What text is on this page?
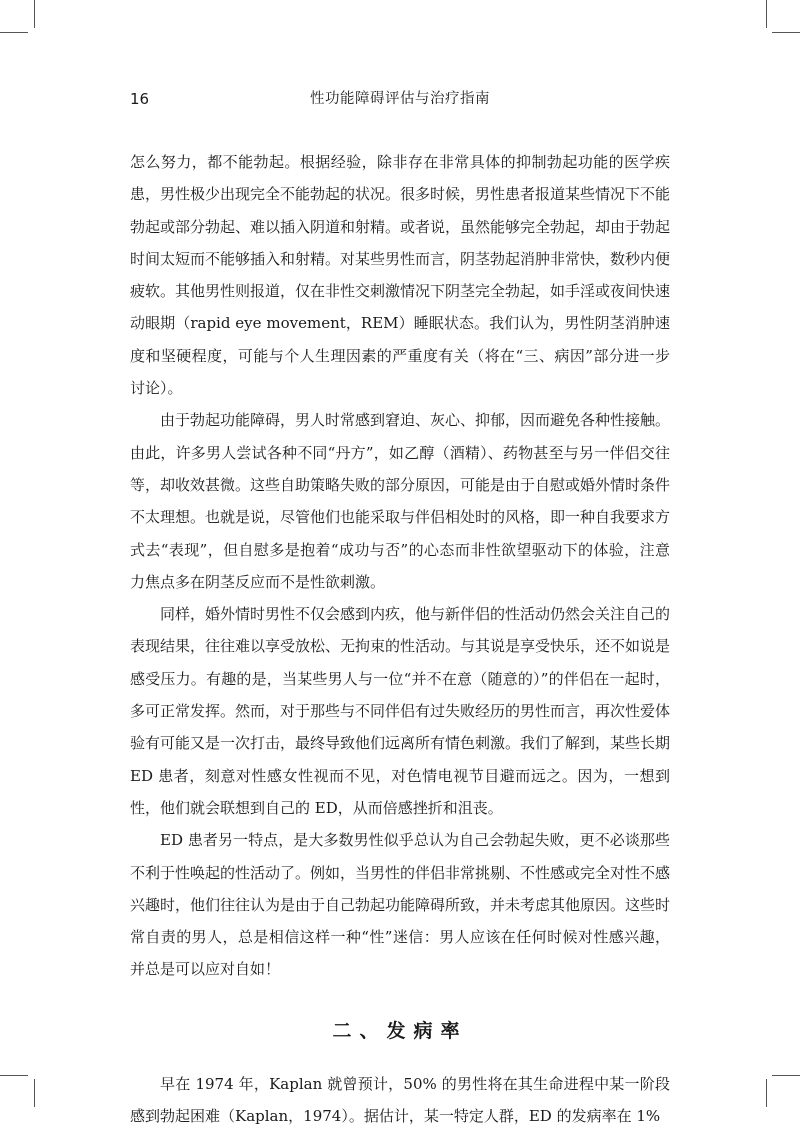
16	性功能障碍评估与治疗指南

怎么努力，都不能勃起。根据经验，除非存在非常具体的抑制勃起功能的医学疾患，男性极少出现完全不能勃起的状况。很多时候，男性患者报道某些情况下不能勃起或部分勃起、难以插入阴道和射精。或者说，虽然能够完全勃起，却由于勃起时间太短而不能够插入和射精。对某些男性而言，阴茎勃起消肿非常快，数秒内便疲软。其他男性则报道，仅在非性交刺激情况下阴茎完全勃起，如手淫或夜间快速动眼期（rapid eye movement，REM）睡眠状态。我们认为，男性阴茎消肿速度和坚硬程度，可能与个人生理因素的严重度有关（将在“三、病因”部分进一步讨论）。

由于勃起功能障碍，男人时常感到窘迫、灰心、抑郁，因而避免各种性接触。由此，许多男人尝试各种不同“丹方”，如乙醇（酒精）、药物甚至与另一伴侣交往等，却收效甚微。这些自助策略失败的部分原因，可能是由于自慰或婚外情时条件不太理想。也就是说，尽管他们也能采取与伴侣相处时的风格，即一种自我要求方式去“表现”，但自慰多是抱着“成功与否”的心态而非性欲望驱动下的体验，注意力焦点多在阴茎反应而不是性欲刺激。

同样，婚外情时男性不仅会感到内疚，他与新伴侣的性活动仍然会关注自己的表现结果，往往难以享受放松、无拘束的性活动。与其说是享受快乐，还不如说是感受压力。有趣的是，当某些男人与一位“并不在意（随意的）”的伴侣在一起时，多可正常发挥。然而，对于那些与不同伴侣有过失败经历的男性而言，再次性爱体验有可能又是一次打击，最终导致他们远离所有情色刺激。我们了解到，某些长期 ED 患者，刻意对性感女性视而不见，对色情电视节目避而远之。因为，一想到性，他们就会联想到自己的 ED，从而倍感挫折和沮丧。

ED 患者另一特点，是大多数男性似乎总认为自己会勃起失败，更不必谈那些不利于性唤起的性活动了。例如，当男性的伴侣非常挑剔、不性感或完全对性不感兴趣时，他们往往认为是由于自己勃起功能障碍所致，并未考虑其他原因。这些时常自责的男人，总是相信这样一种“性”迷信：男人应该在任何时候对性感兴趣，并总是可以应对自如！

二、发病率

早在 1974 年，Kaplan 就曾预计，50% 的男性将在其生命进程中某一阶段感到勃起困难（Kaplan，1974）。据估计，某一特定人群，ED 的发病率在 1%
